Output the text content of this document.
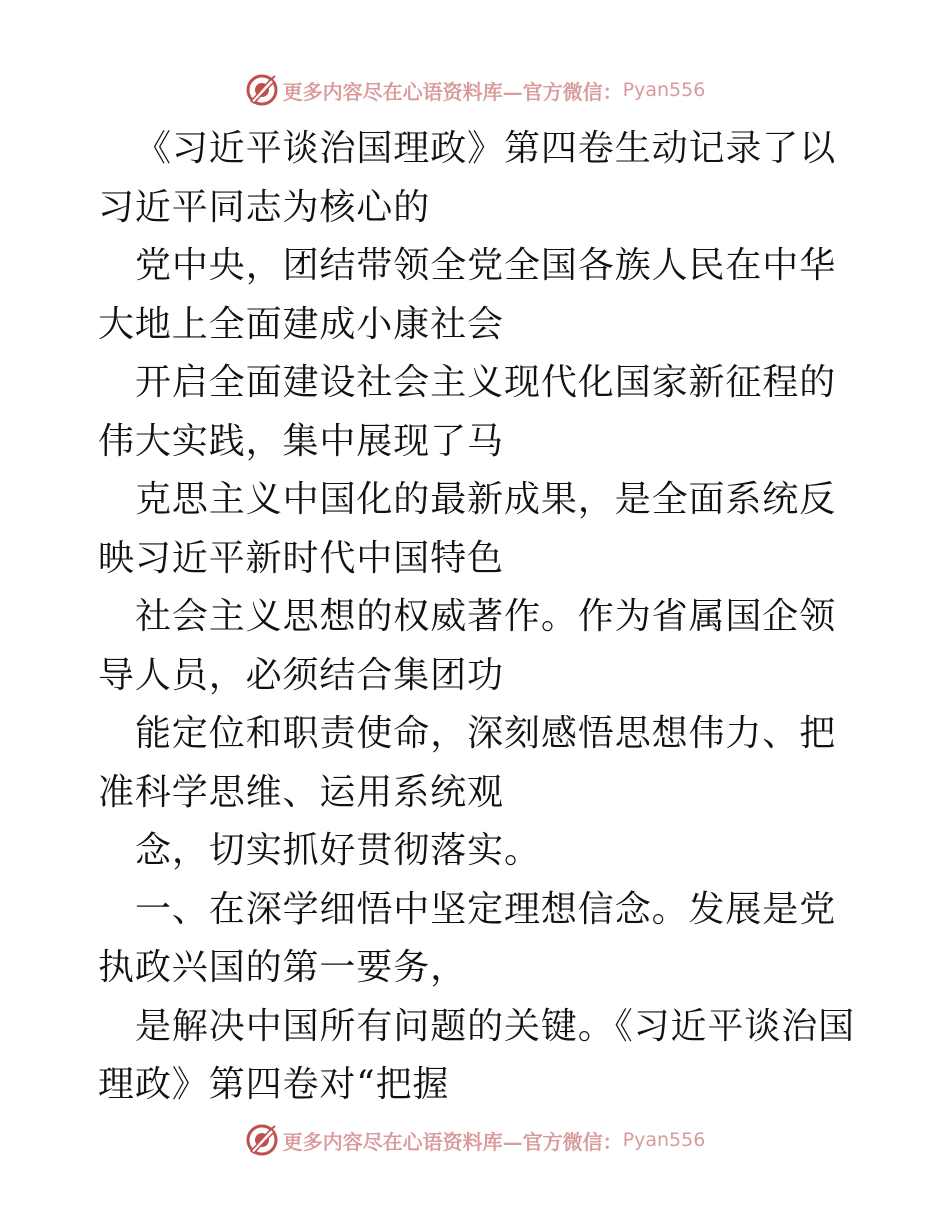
更多内容尽在心语资料库—官方微信： Pyan556

《习近平谈治国理政》第四卷生动记录了以习近平同志为核心的

党中央，团结带领全党全国各族人民在中华大地上全面建成小康社会

开启全面建设社会主义现代化国家新征程的伟大实践，集中展现了马

克思主义中国化的最新成果，是全面系统反映习近平新时代中国特色

社会主义思想的权威著作。作为省属国企领导人员，必须结合集团功

能定位和职责使命，深刻感悟思想伟力、把准科学思维、运用系统观

念，切实抓好贯彻落实。

一、在深学细悟中坚定理想信念。发展是党执政兴国的第一要务，

是解决中国所有问题的关键。《习近平谈治国理政》第四卷对“把握

更多内容尽在心语资料库—官方微信： Pyan556
